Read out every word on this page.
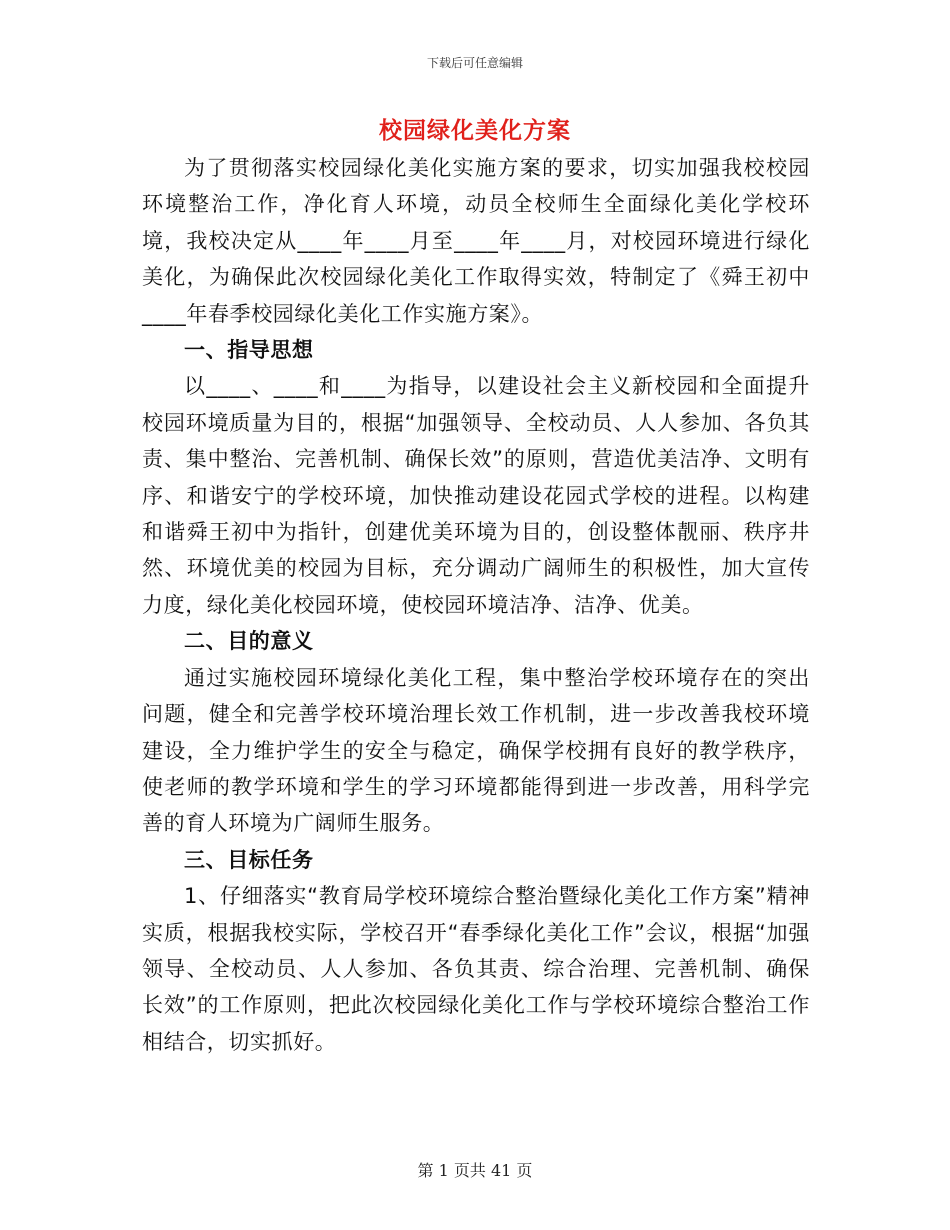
下载后可任意编辑
校园绿化美化方案

为了贯彻落实校园绿化美化实施方案的要求，切实加强我校校园环境整治工作，净化育人环境，动员全校师生全面绿化美化学校环境，我校决定从____年____月至____年____月，对校园环境进行绿化美化，为确保此次校园绿化美化工作取得实效，特制定了《舜王初中____年春季校园绿化美化工作实施方案》。

一、指导思想

以____、____和____为指导，以建设社会主义新校园和全面提升校园环境质量为目的，根据“加强领导、全校动员、人人参加、各负其责、集中整治、完善机制、确保长效”的原则，营造优美洁净、文明有序、和谐安宁的学校环境，加快推动建设花园式学校的进程。以构建和谐舜王初中为指针，创建优美环境为目的，创设整体靓丽、秩序井然、环境优美的校园为目标，充分调动广阔师生的积极性，加大宣传力度，绿化美化校园环境，使校园环境洁净、洁净、优美。

二、目的意义

通过实施校园环境绿化美化工程，集中整治学校环境存在的突出问题，健全和完善学校环境治理长效工作机制，进一步改善我校环境建设，全力维护学生的安全与稳定，确保学校拥有良好的教学秩序，使老师的教学环境和学生的学习环境都能得到进一步改善，用科学完善的育人环境为广阔师生服务。

三、目标任务

1、仔细落实“教育局学校环境综合整治暨绿化美化工作方案”精神实质，根据我校实际，学校召开“春季绿化美化工作”会议，根据“加强领导、全校动员、人人参加、各负其责、综合治理、完善机制、确保长效”的工作原则，把此次校园绿化美化工作与学校环境综合整治工作相结合，切实抓好。

第 1 页共 41 页
